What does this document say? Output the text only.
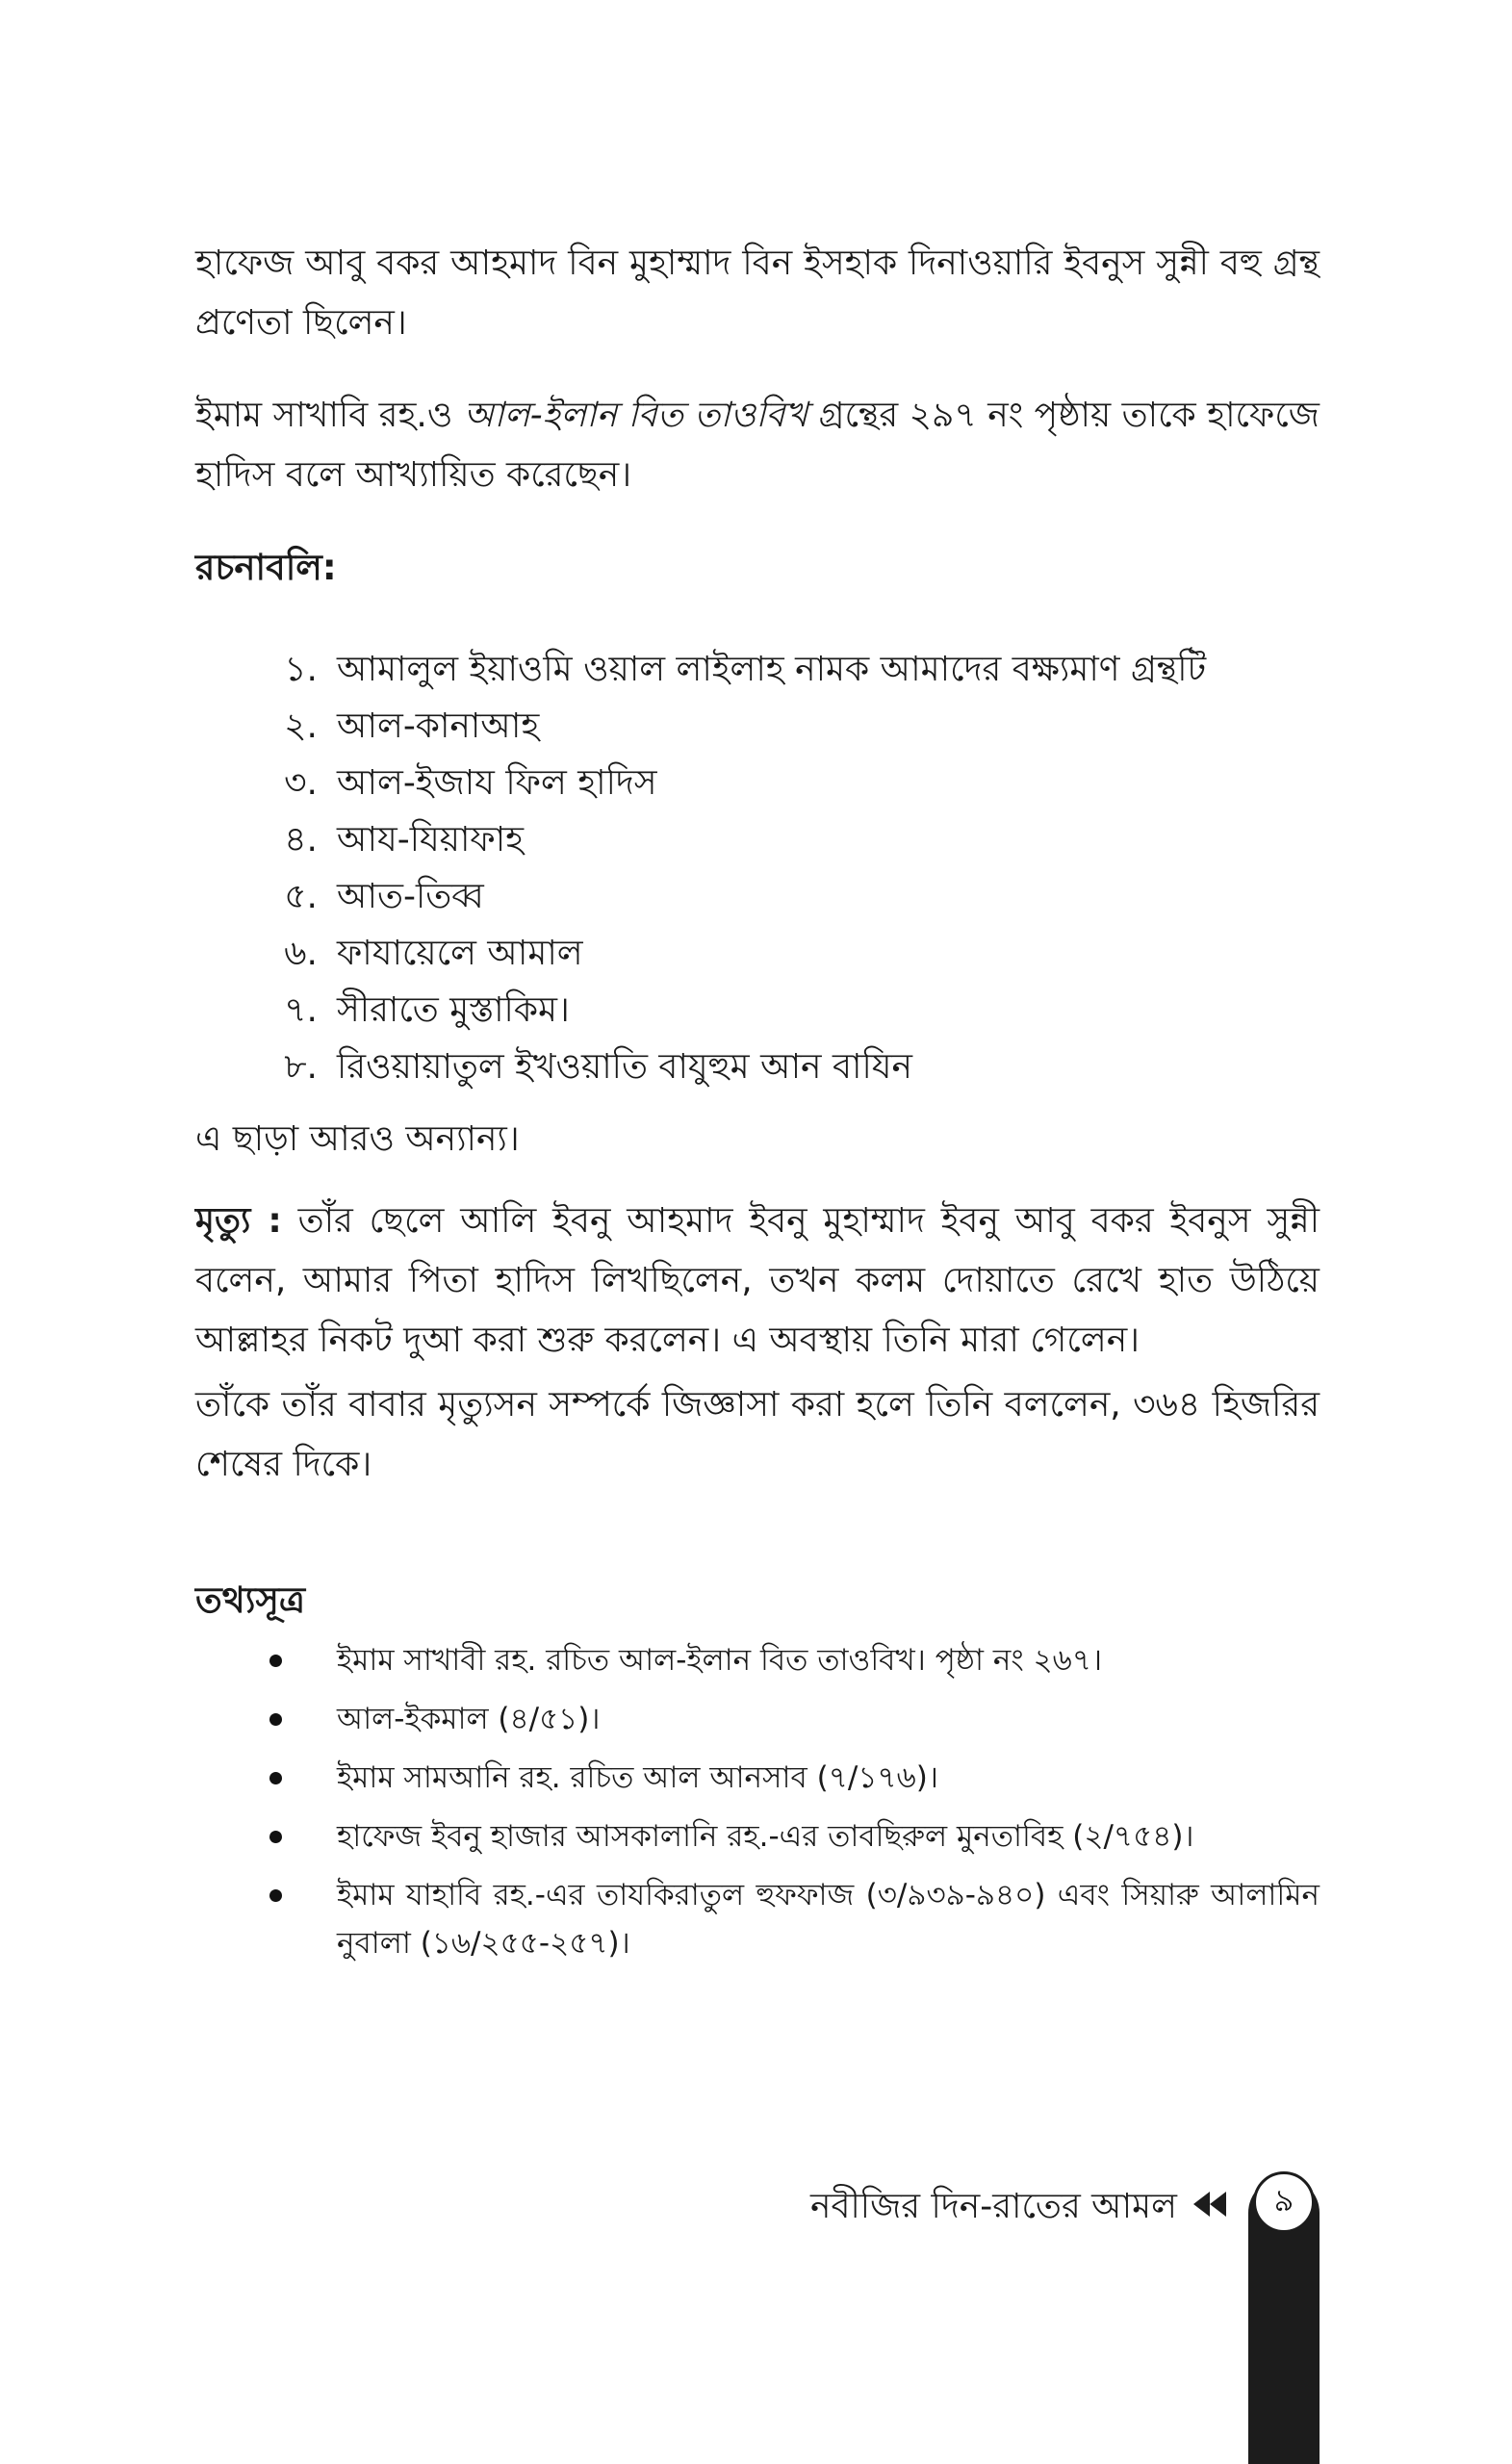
হাফেজ আবু বকর আহমাদ বিন মুহাম্মাদ বিন ইসহাক দিনাওয়ারি ইবনুস সুন্নী বহু গ্রন্থ প্রণেতা ছিলেন।

ইমাম সাখাবি রহ.ও আল-ইলান বিত তাওবিখ গ্রন্থের ২৯৭ নং পৃষ্ঠায় তাকে হাফেজে হাদিস বলে আখ্যায়িত করেছেন।

রচনাবলি:
১. আমালুল ইয়াওমি ওয়াল লাইলাহ নামক আমাদের বক্ষ্যমাণ গ্রন্থটি
২. আল-কানাআহ
৩. আল-ইজায ফিল হাদিস
৪. আয-যিয়াফাহ
৫. আত-তিব্ব
৬. ফাযায়েলে আমাল
৭. সীরাতে মুস্তাকিম।
৮. রিওয়ায়াতুল ইখওয়াতি বাযুহুম আন বাযিন

এ ছাড়া আরও অন্যান্য।

মৃত্যু : তাঁর ছেলে আলি ইবনু আহমাদ ইবনু মুহাম্মাদ ইবনু আবু বকর ইবনুস সুন্নী বলেন, আমার পিতা হাদিস লিখছিলেন, তখন কলম দোয়াতে রেখে হাত উঠিয়ে আল্লাহর নিকট দুআ করা শুরু করলেন। এ অবস্থায় তিনি মারা গেলেন।

তাঁকে তাঁর বাবার মৃত্যুসন সম্পর্কে জিজ্ঞাসা করা হলে তিনি বললেন, ৩৬৪ হিজরির শেষের দিকে।

তথ্যসূত্র
ইমাম সাখাবী রহ. রচিত আল-ইলান বিত তাওবিখ। পৃষ্ঠা নং ২৬৭।
আল-ইকমাল (৪/৫১)।
ইমাম সামআনি রহ. রচিত আল আনসাব (৭/১৭৬)।
হাফেজ ইবনু হাজার আসকালানি রহ.-এর তাবছিরুল মুনতাবিহ (২/৭৫৪)।
ইমাম যাহাবি রহ.-এর তাযকিরাতুল হুফফাজ (৩/৯৩৯-৯৪০) এবং সিয়ারু আলামিন নুবালা (১৬/২৫৫-২৫৭)।
নবীজির দিন-রাতের আমল	৯
